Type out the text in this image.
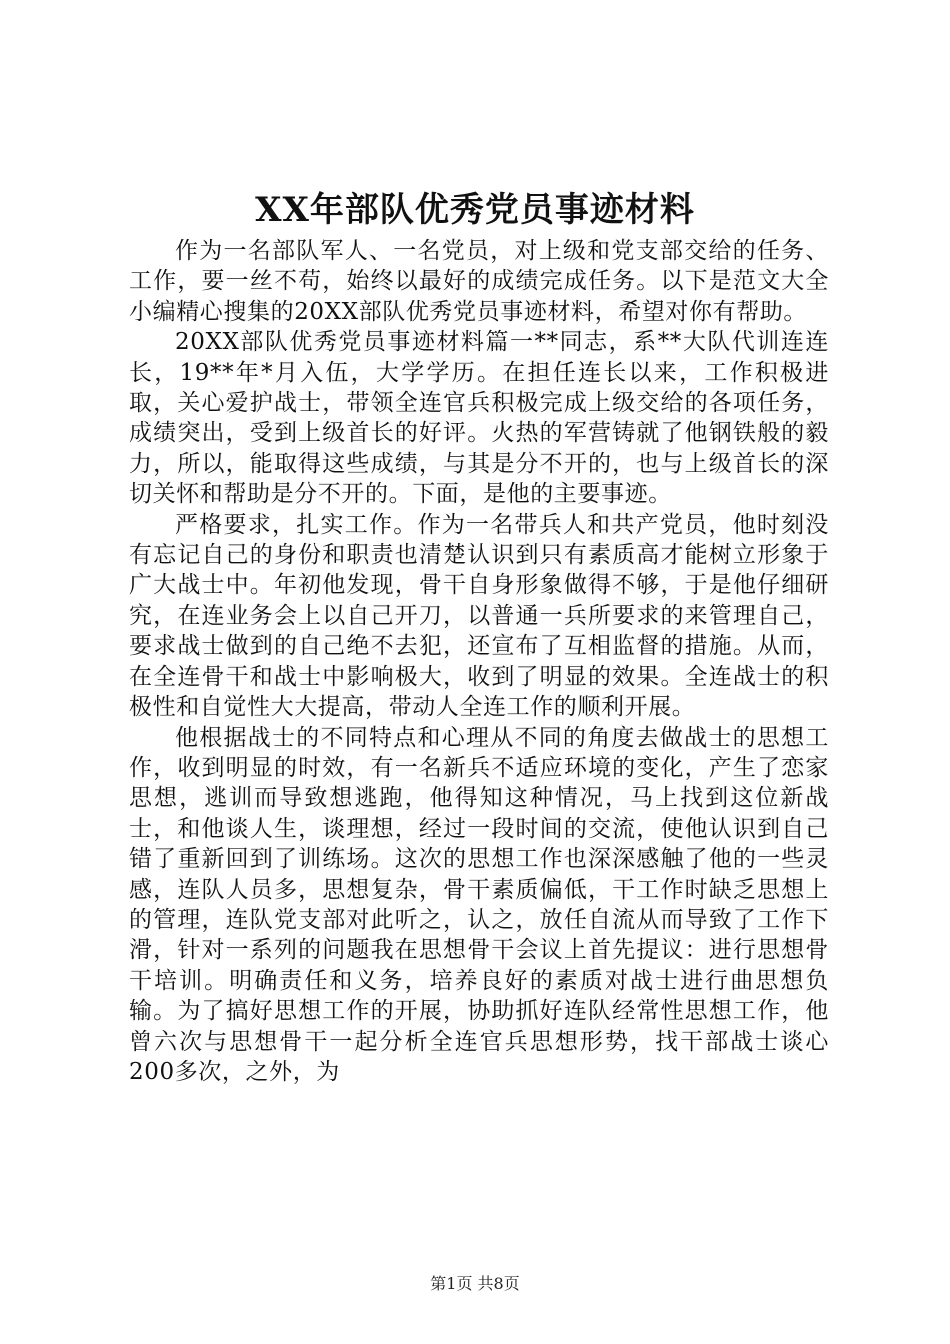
XX年部队优秀党员事迹材料

作为一名部队军人、一名党员，对上级和党支部交给的任务、工作，要一丝不苟，始终以最好的成绩完成任务。以下是范文大全小编精心搜集的20XX部队优秀党员事迹材料，希望对你有帮助。

20XX部队优秀党员事迹材料篇一**同志，系**大队代训连连长，19**年*月入伍，大学学历。在担任连长以来，工作积极进取，关心爱护战士，带领全连官兵积极完成上级交给的各项任务，成绩突出，受到上级首长的好评。火热的军营铸就了他钢铁般的毅力，所以，能取得这些成绩，与其是分不开的，也与上级首长的深切关怀和帮助是分不开的。下面，是他的主要事迹。

严格要求，扎实工作。作为一名带兵人和共产党员，他时刻没有忘记自己的身份和职责也清楚认识到只有素质高才能树立形象于广大战士中。年初他发现，骨干自身形象做得不够，于是他仔细研究，在连业务会上以自己开刀，以普通一兵所要求的来管理自己，要求战士做到的自己绝不去犯，还宣布了互相监督的措施。从而，在全连骨干和战士中影响极大，收到了明显的效果。全连战士的积极性和自觉性大大提高，带动人全连工作的顺利开展。

他根据战士的不同特点和心理从不同的角度去做战士的思想工作，收到明显的时效，有一名新兵不适应环境的变化，产生了恋家思想，逃训而导致想逃跑，他得知这种情况，马上找到这位新战士，和他谈人生，谈理想，经过一段时间的交流，使他认识到自己错了重新回到了训练场。这次的思想工作也深深感触了他的一些灵感，连队人员多，思想复杂，骨干素质偏低，干工作时缺乏思想上的管理，连队党支部对此听之，认之，放任自流从而导致了工作下滑，针对一系列的问题我在思想骨干会议上首先提议：进行思想骨干培训。明确责任和义务，培养良好的素质对战士进行曲思想负输。为了搞好思想工作的开展，协助抓好连队经常性思想工作，他曾六次与思想骨干一起分析全连官兵思想形势，找干部战士谈心200多次，之外，为

第1页 共8页
